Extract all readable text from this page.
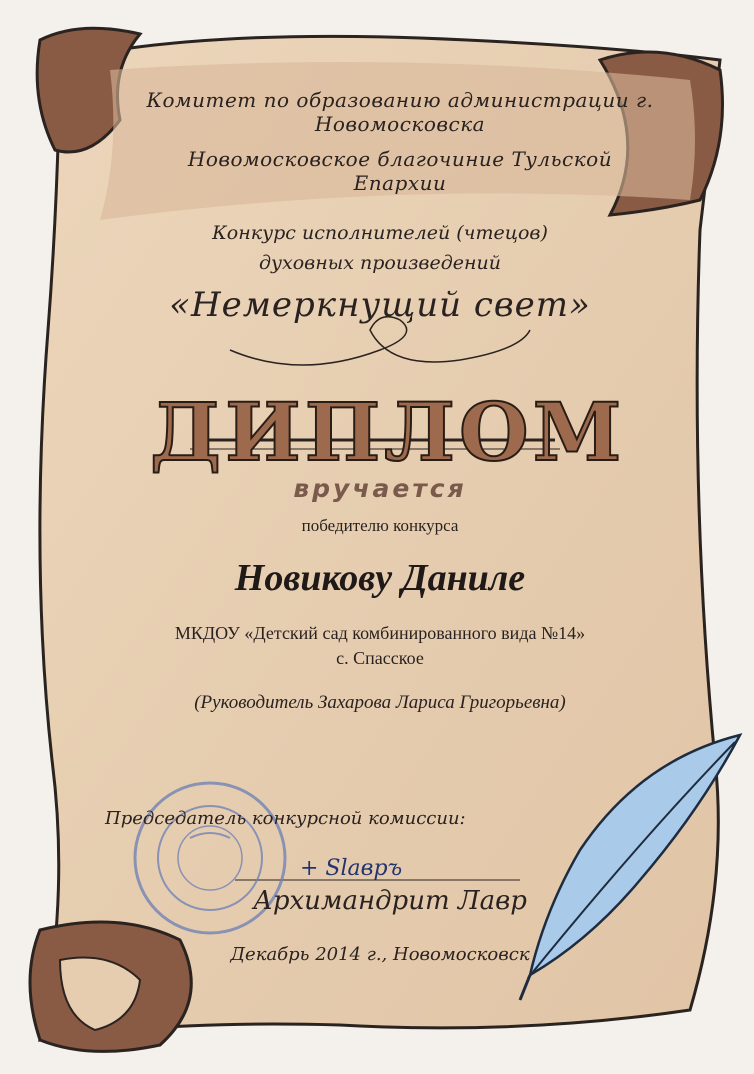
Комитет по образованию администрации г. Новомосковска
Новомосковское благочиние Тульской Епархии
Конкурс исполнителей (чтецов)
духовных произведений
«Немеркнущий свет»
ДИПЛОМ
вручается
победителю конкурса
Новикову Даниле
МКДОУ «Детский сад комбинированного вида №14»
с. Спасское
(Руководитель Захарова Лариса Григорьевна)
Председатель конкурсной комиссии:
+ Slавръ
Архимандрит Лавр
Декабрь 2014 г., Новомосковск
